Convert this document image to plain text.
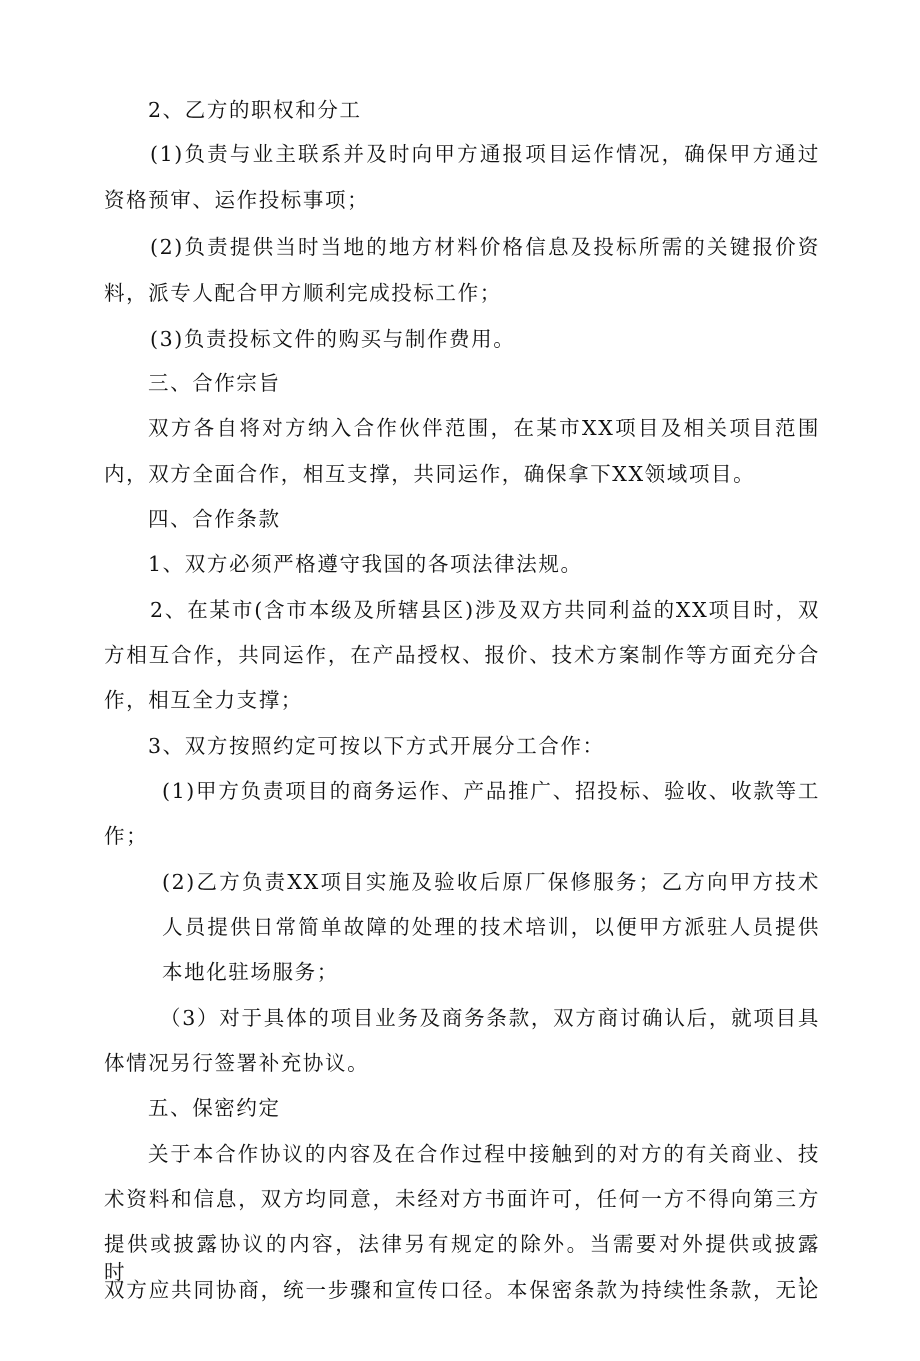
2、乙方的职权和分工
(1)负责与业主联系并及时向甲方通报项目运作情况，确保甲方通过
资格预审、运作投标事项；
(2)负责提供当时当地的地方材料价格信息及投标所需的关键报价资
料，派专人配合甲方顺利完成投标工作；
(3)负责投标文件的购买与制作费用。
三、合作宗旨
双方各自将对方纳入合作伙伴范围，在某市XX项目及相关项目范围
内，双方全面合作，相互支撑，共同运作，确保拿下XX领域项目。
四、合作条款
1、双方必须严格遵守我国的各项法律法规。
2、在某市(含市本级及所辖县区)涉及双方共同利益的XX项目时，双
方相互合作，共同运作，在产品授权、报价、技术方案制作等方面充分合
作，相互全力支撑；
3、双方按照约定可按以下方式开展分工合作：
(1)甲方负责项目的商务运作、产品推广、招投标、验收、收款等工
作；
(2)乙方负责XX项目实施及验收后原厂保修服务；乙方向甲方技术
人员提供日常简单故障的处理的技术培训，以便甲方派驻人员提供
本地化驻场服务；
（3）对于具体的项目业务及商务条款，双方商讨确认后，就项目具
体情况另行签署补充协议。
五、保密约定
关于本合作协议的内容及在合作过程中接触到的对方的有关商业、技
术资料和信息，双方均同意，未经对方书面许可，任何一方不得向第三方
提供或披露协议的内容，法律另有规定的除外。当需要对外提供或披露时，
双方应共同协商，统一步骤和宣传口径。本保密条款为持续性条款，无论
